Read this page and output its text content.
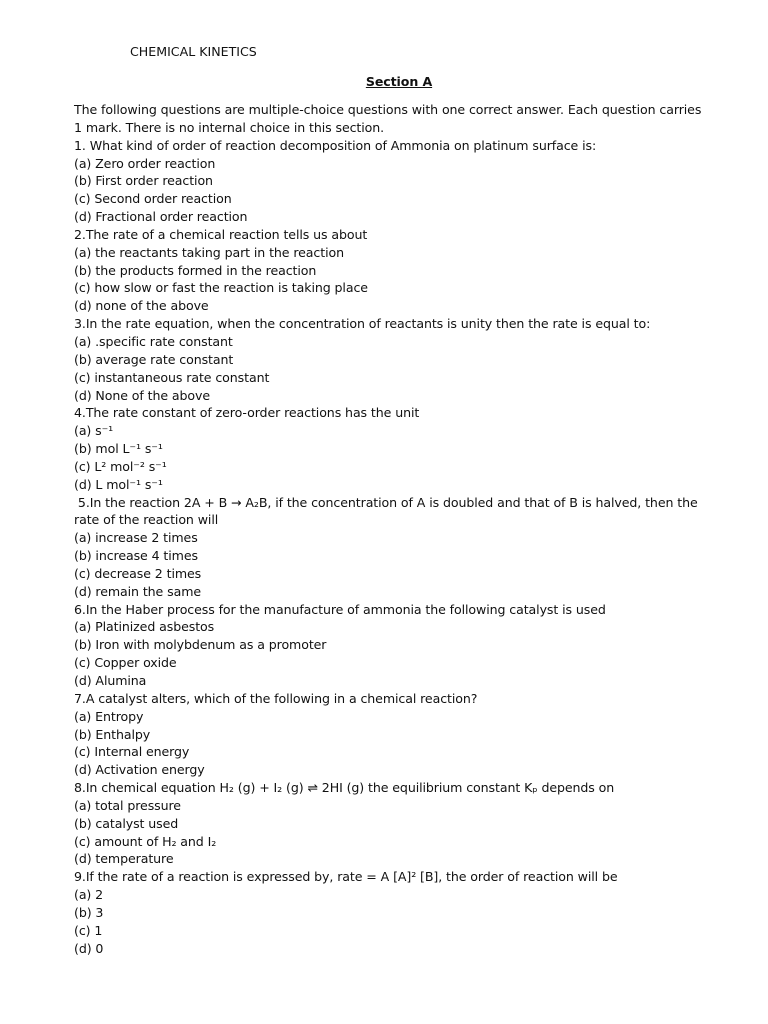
CHEMICAL KINETICS
Section A
The following questions are multiple-choice questions with one correct answer. Each question carries
1 mark. There is no internal choice in this section.
1. What kind of order of reaction decomposition of Ammonia on platinum surface is:
(a) Zero order reaction
(b) First order reaction
(c) Second order reaction
(d) Fractional order reaction
2.The rate of a chemical reaction tells us about
(a) the reactants taking part in the reaction
(b) the products formed in the reaction
(c) how slow or fast the reaction is taking place
(d) none of the above
3.In the rate equation, when the concentration of reactants is unity then the rate is equal to:
(a) .specific rate constant
(b) average rate constant
(c) instantaneous rate constant
(d) None of the above
4.The rate constant of zero-order reactions has the unit
(a) s⁻¹
(b) mol L⁻¹ s⁻¹
(c) L² mol⁻² s⁻¹
(d) L mol⁻¹ s⁻¹
5.In the reaction 2A + B → A₂B, if the concentration of A is doubled and that of B is halved, then the
rate of the reaction will
(a) increase 2 times
(b) increase 4 times
(c) decrease 2 times
(d) remain the same
6.In the Haber process for the manufacture of ammonia the following catalyst is used
(a) Platinized asbestos
(b) Iron with molybdenum as a promoter
(c) Copper oxide
(d) Alumina
7.A catalyst alters, which of the following in a chemical reaction?
(a) Entropy
(b) Enthalpy
(c) Internal energy
(d) Activation energy
8.In chemical equation H₂ (g) + I₂ (g) ⇌ 2HI (g) the equilibrium constant Kₚ depends on
(a) total pressure
(b) catalyst used
(c) amount of H₂ and I₂
(d) temperature
9.If the rate of a reaction is expressed by, rate = A [A]² [B], the order of reaction will be
(a) 2
(b) 3
(c) 1
(d) 0
